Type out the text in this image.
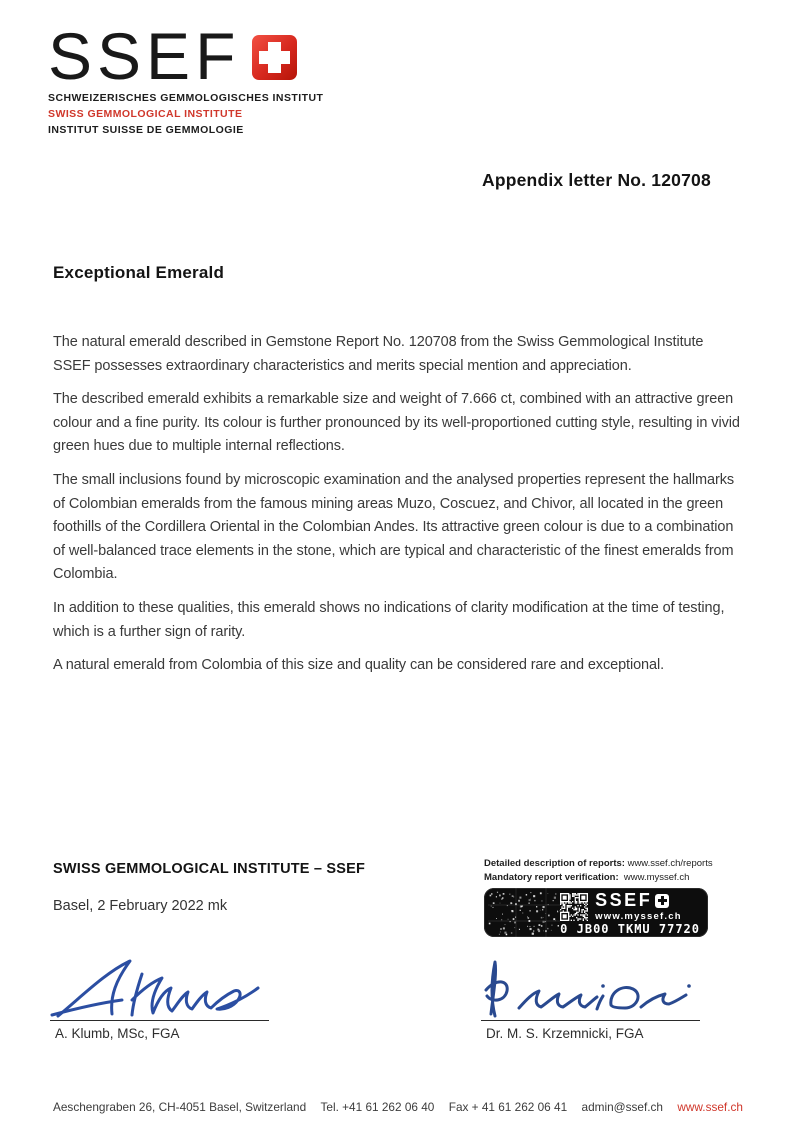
SSEF
SCHWEIZERISCHES GEMMOLOGISCHES INSTITUT
SWISS GEMMOLOGICAL INSTITUTE
INSTITUT SUISSE DE GEMMOLOGIE
Appendix letter No. 120708
Exceptional Emerald

The natural emerald described in Gemstone Report No. 120708 from the Swiss Gemmological Institute SSEF possesses extraordinary characteristics and merits special mention and appreciation.

The described emerald exhibits a remarkable size and weight of 7.666 ct, combined with an attractive green colour and a fine purity. Its colour is further pronounced by its well-proportioned cutting style, resulting in vivid green hues due to multiple internal reflections.

The small inclusions found by microscopic examination and the analysed properties represent the hallmarks of Colombian emeralds from the famous mining areas Muzo, Coscuez, and Chivor, all located in the green foothills of the Cordillera Oriental in the Colombian Andes. Its attractive green colour is due to a combination of well-balanced trace elements in the stone, which are typical and characteristic of the finest emeralds from Colombia.

In addition to these qualities, this emerald shows no indications of clarity modification at the time of testing, which is a further sign of rarity.

A natural emerald from Colombia of this size and quality can be considered rare and exceptional.

SWISS GEMMOLOGICAL INSTITUTE – SSEF
Basel, 2 February 2022 mk
Detailed description of reports: www.ssef.ch/reports
Mandatory report verification: www.myssef.ch
SSEF
www.myssef.ch
0 JB00 TKMU 77720
A. Klumb, MSc, FGA	Dr. M. S. Krzemnicki, FGA
Aeschengraben 26, CH-4051 Basel, Switzerland Tel. +41 61 262 06 40 Fax + 41 61 262 06 41 admin@ssef.ch www.ssef.ch
